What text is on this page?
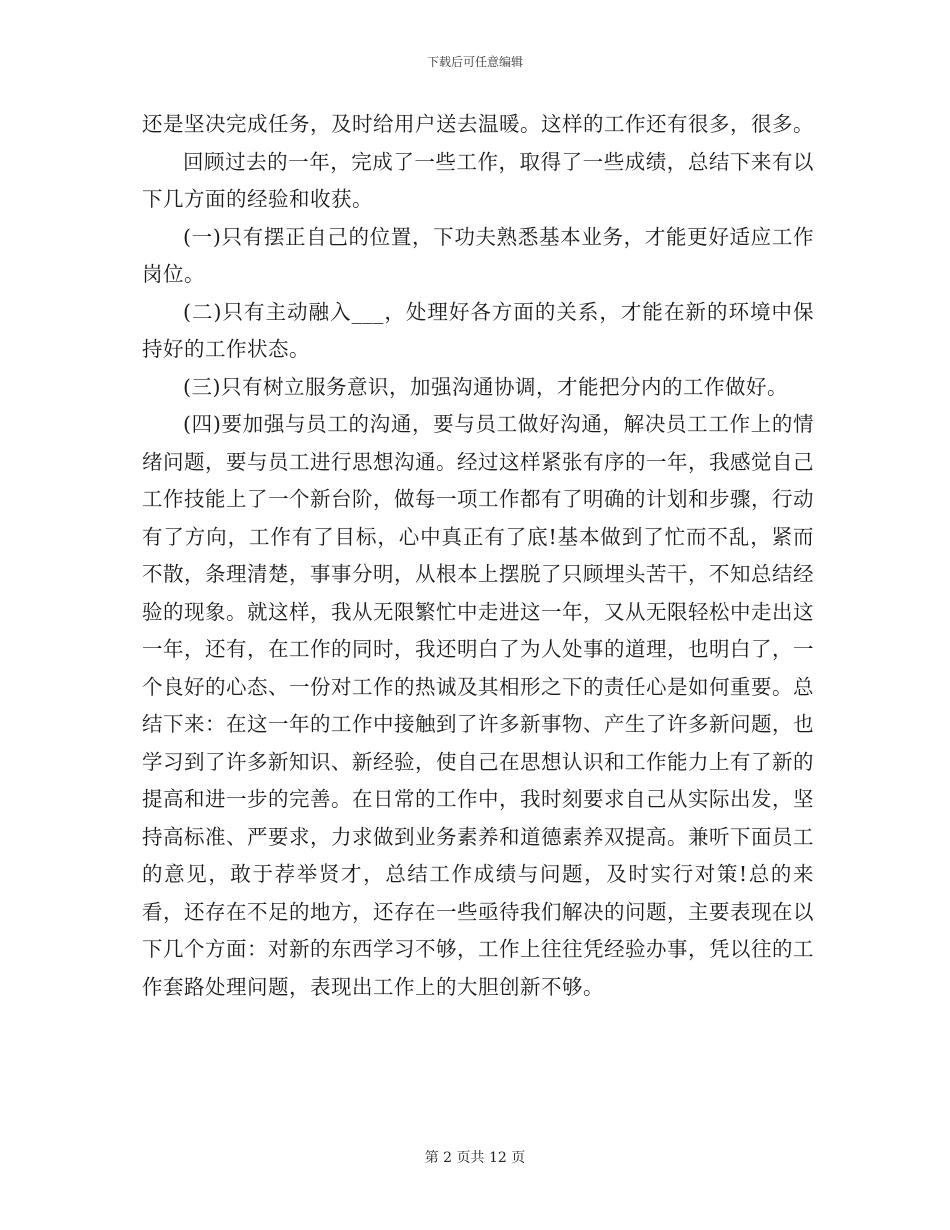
下载后可任意编辑

还是坚决完成任务，及时给用户送去温暖。这样的工作还有很多，很多。

回顾过去的一年，完成了一些工作，取得了一些成绩，总结下来有以下几方面的经验和收获。

(一)只有摆正自己的位置，下功夫熟悉基本业务，才能更好适应工作岗位。

(二)只有主动融入___，处理好各方面的关系，才能在新的环境中保持好的工作状态。

(三)只有树立服务意识，加强沟通协调，才能把分内的工作做好。

(四)要加强与员工的沟通，要与员工做好沟通，解决员工工作上的情绪问题，要与员工进行思想沟通。经过这样紧张有序的一年，我感觉自己工作技能上了一个新台阶，做每一项工作都有了明确的计划和步骤，行动有了方向，工作有了目标，心中真正有了底!基本做到了忙而不乱，紧而不散，条理清楚，事事分明，从根本上摆脱了只顾埋头苦干，不知总结经验的现象。就这样，我从无限繁忙中走进这一年，又从无限轻松中走出这一年，还有，在工作的同时，我还明白了为人处事的道理，也明白了，一个良好的心态、一份对工作的热诚及其相形之下的责任心是如何重要。总结下来：在这一年的工作中接触到了许多新事物、产生了许多新问题，也学习到了许多新知识、新经验，使自己在思想认识和工作能力上有了新的提高和进一步的完善。在日常的工作中，我时刻要求自己从实际出发，坚持高标准、严要求，力求做到业务素养和道德素养双提高。兼听下面员工的意见，敢于荐举贤才，总结工作成绩与问题，及时实行对策!总的来看，还存在不足的地方，还存在一些亟待我们解决的问题，主要表现在以下几个方面：对新的东西学习不够，工作上往往凭经验办事，凭以往的工作套路处理问题，表现出工作上的大胆创新不够。

第 2 页共 12 页
